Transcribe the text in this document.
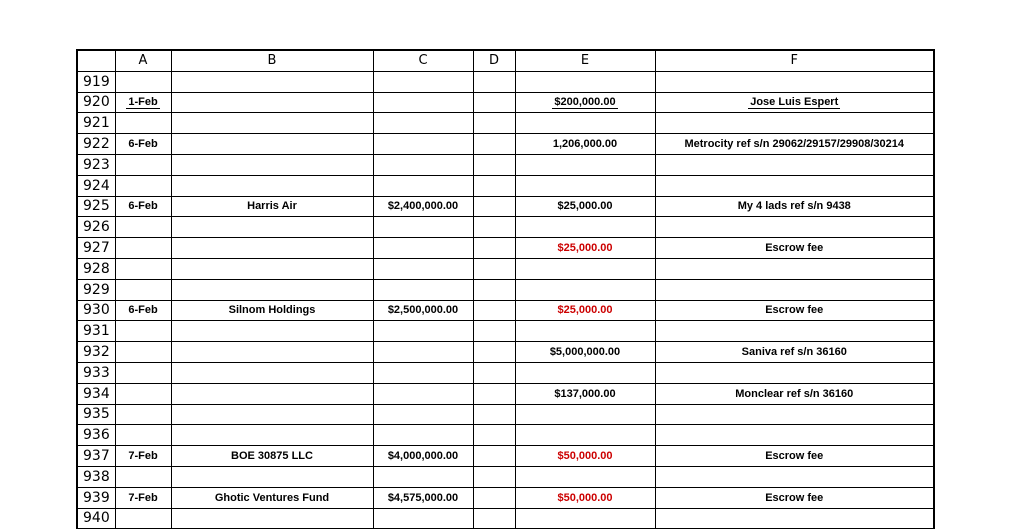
	A	B	C	D	E	F
919						
920	1-Feb				$200,000.00	Jose Luis Espert
921						
922	6-Feb				1,206,000.00	Metrocity ref s/n 29062/29157/29908/30214
923						
924						
925	6-Feb	Harris Air	$2,400,000.00		$25,000.00	My 4 lads ref s/n 9438
926						
927					$25,000.00	Escrow fee
928						
929						
930	6-Feb	Silnom Holdings	$2,500,000.00		$25,000.00	Escrow fee
931						
932					$5,000,000.00	Saniva ref s/n 36160
933						
934					$137,000.00	Monclear ref s/n 36160
935						
936						
937	7-Feb	BOE 30875 LLC	$4,000,000.00		$50,000.00	Escrow fee
938						
939	7-Feb	Ghotic Ventures Fund	$4,575,000.00		$50,000.00	Escrow fee
940						
